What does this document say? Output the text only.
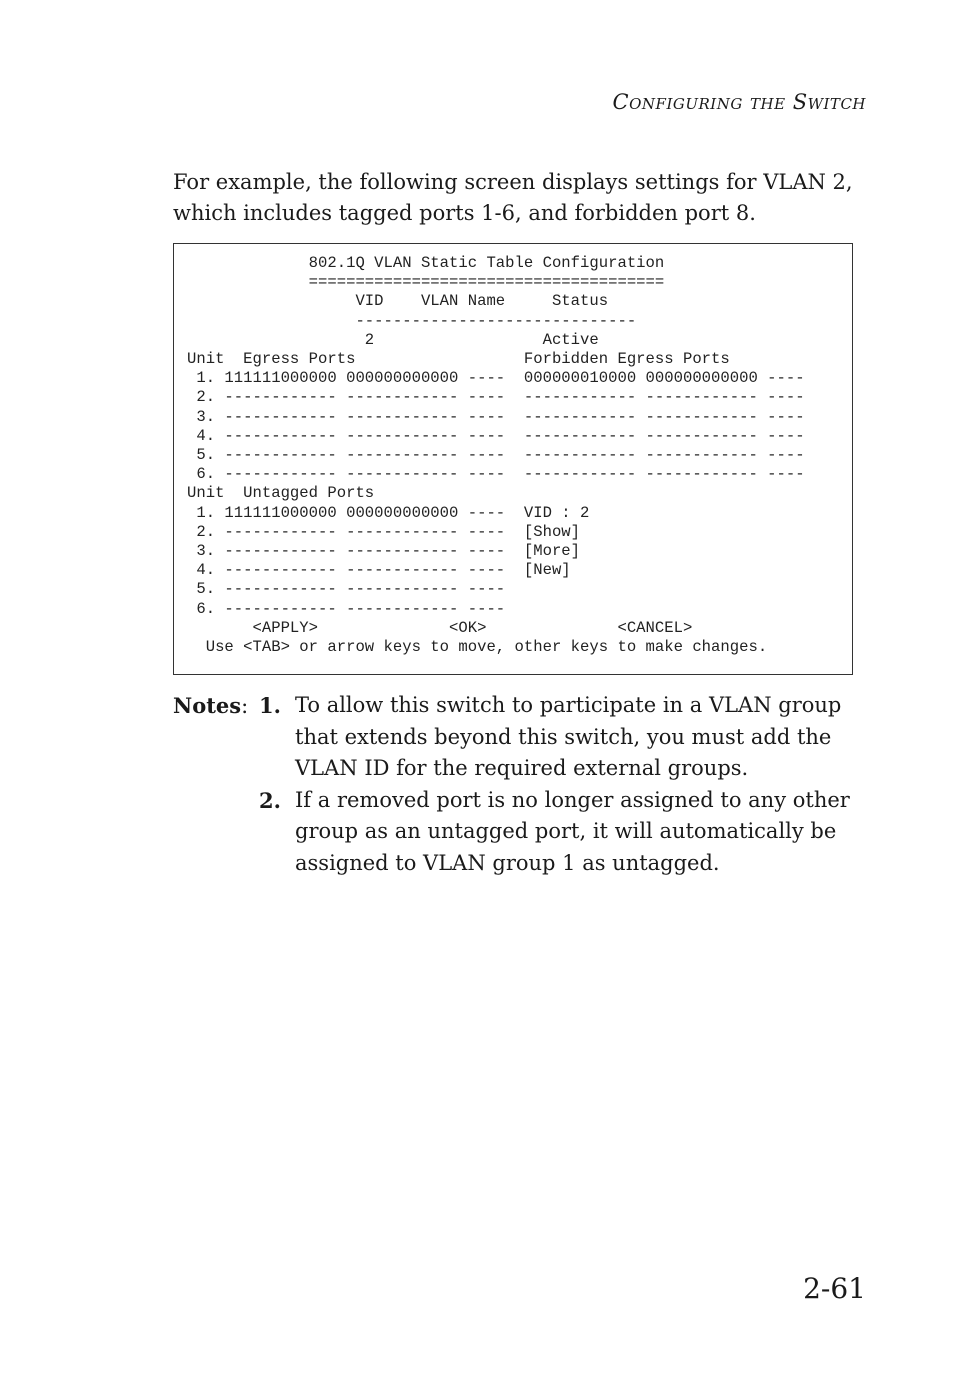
Configuring the Switch

For example, the following screen displays settings for VLAN 2, which includes tagged ports 1-6, and forbidden port 8.

802.1Q VLAN Static Table Configuration
======================================
VID    VLAN Name     Status
------------------------------
2                  Active
Unit  Egress Ports                  Forbidden Egress Ports
1. 111111000000 000000000000 ----  000000010000 000000000000 ----
2. ------------ ------------ ----  ------------ ------------ ----
3. ------------ ------------ ----  ------------ ------------ ----
4. ------------ ------------ ----  ------------ ------------ ----
5. ------------ ------------ ----  ------------ ------------ ----
6. ------------ ------------ ----  ------------ ------------ ----
Unit  Untagged Ports
1. 111111000000 000000000000 ----  VID : 2
2. ------------ ------------ ----  [Show]
3. ------------ ------------ ----  [More]
4. ------------ ------------ ----  [New]
5. ------------ ------------ ----
6. ------------ ------------ ----
<APPLY>              <OK>              <CANCEL>
Use <TAB> or arrow keys to move, other keys to make changes.
Notes: 1. To allow this switch to participate in a VLAN group that extends beyond this switch, you must add the VLAN ID for the required external groups.
2. If a removed port is no longer assigned to any other group as an untagged port, it will automatically be assigned to VLAN group 1 as untagged.
2-61
